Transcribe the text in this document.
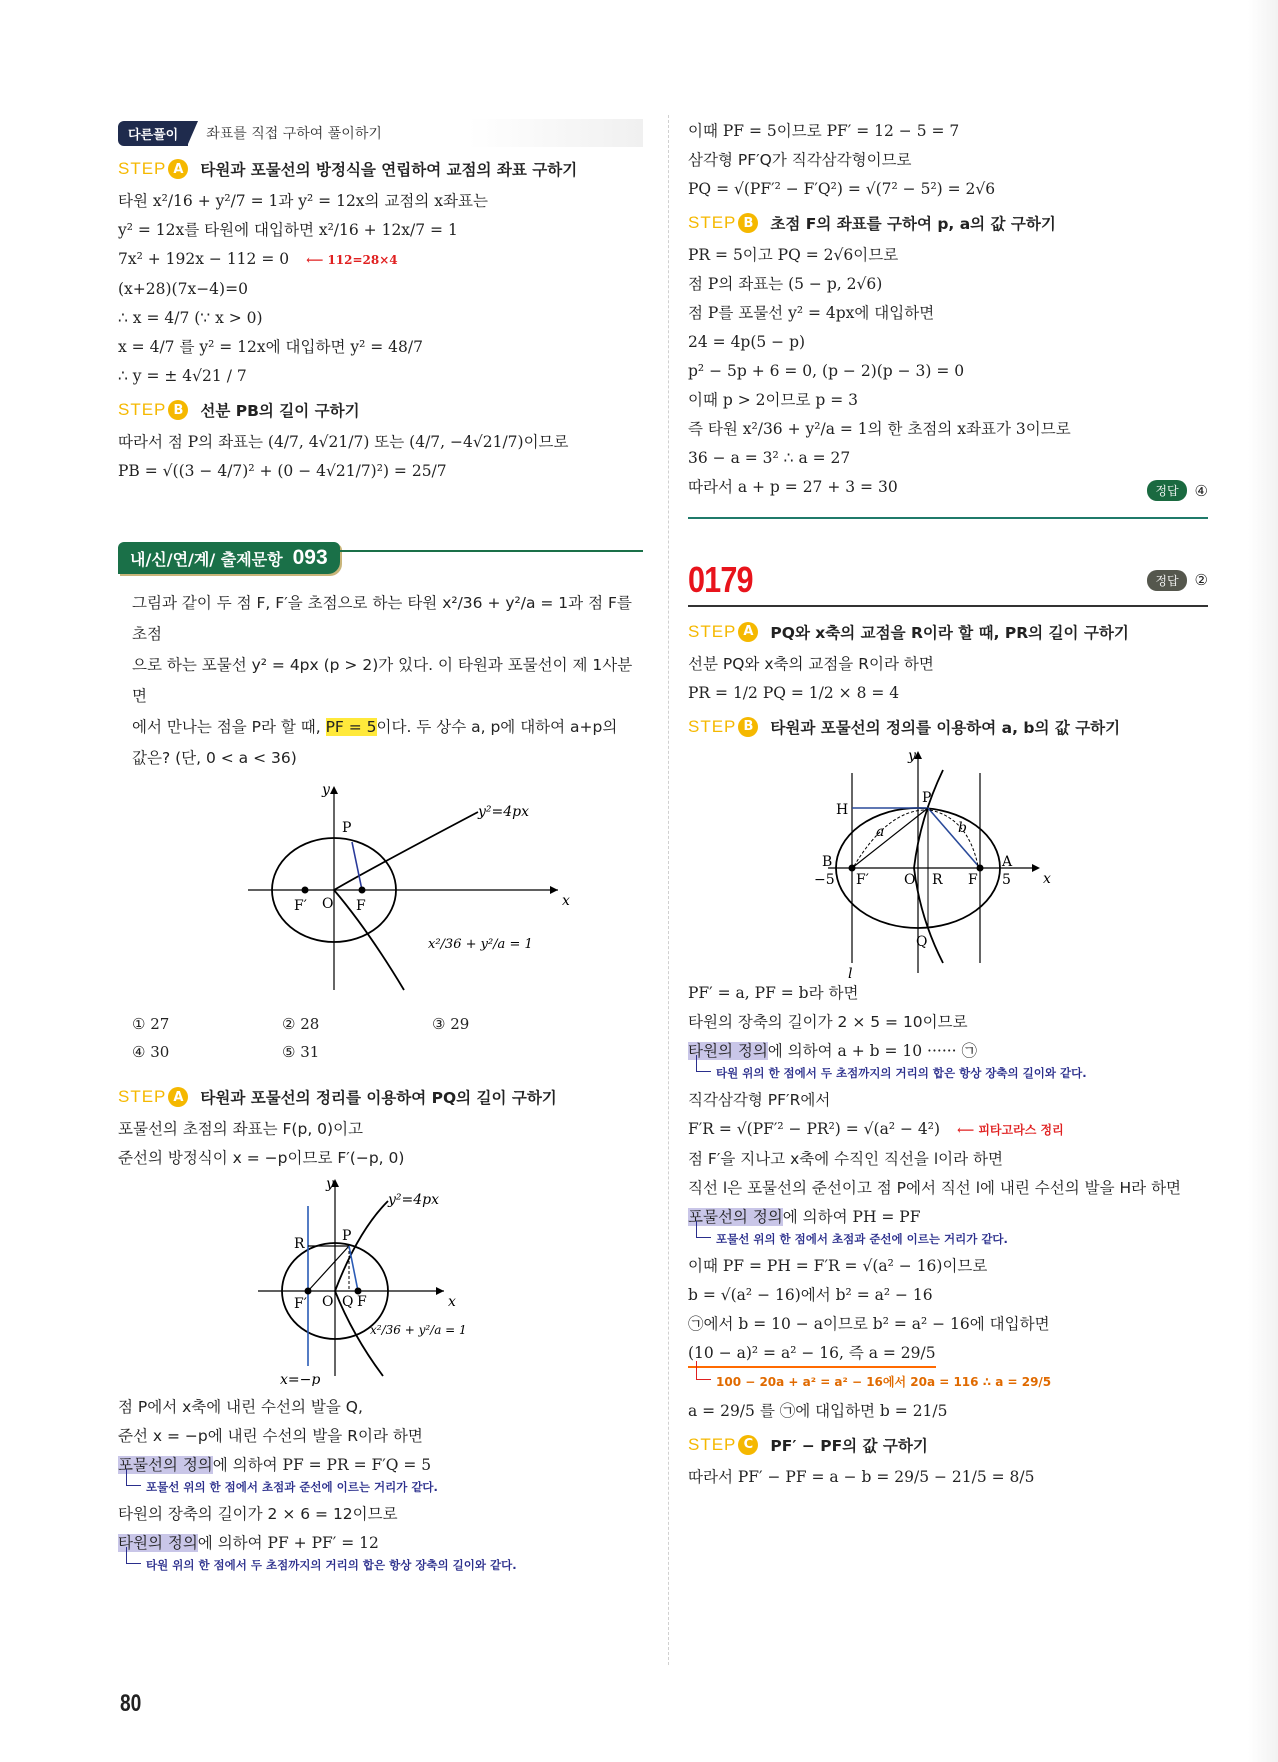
다른풀이	좌표를 직접 구하여 풀이하기
STEP A	타원과 포물선의 방정식을 연립하여 교점의 좌표 구하기
타원 x²/16 + y²/7 = 1과 y² = 12x의 교점의 x좌표는
y² = 12x를 타원에 대입하면 x²/16 + 12x/7 = 1
7x² + 192x − 112 = 0 ⟵ 112=28×4
(x+28)(7x−4)=0
∴ x = 4/7 (∵ x > 0)
x = 4/7 를 y² = 12x에 대입하면 y² = 48/7
∴ y = ± 4√21 / 7
STEP B	선분 PB의 길이 구하기
따라서 점 P의 좌표는 (4/7, 4√21/7) 또는 (4/7, −4√21/7)이므로
PB = √((3 − 4/7)² + (0 − 4√21/7)²) = 25/7
내/신/연/계/ 출제문항 093
그림과 같이 두 점 F, F′을 초점으로 하는 타원 x²/36 + y²/a = 1과 점 F를 초점
으로 하는 포물선 y² = 4px (p > 2)가 있다. 이 타원과 포물선이 제 1사분면
에서 만나는 점을 P라 할 때, PF = 5이다. 두 상수 a, p에 대하여 a+p의
값은? (단, 0 < a < 36)
y
x
P
F′ O F
y²=4px
x²/36 + y²/a = 1
① 27	② 28	③ 29
④ 30	⑤ 31
STEP A	타원과 포물선의 정리를 이용하여 PQ의 길이 구하기
포물선의 초점의 좌표는 F(p, 0)이고
준선의 방정식이 x = −p이므로 F′(−p, 0)
y
x
P
R
F′ O Q F
y²=4px
x²/36 + y²/a = 1
x=−p
점 P에서 x축에 내린 수선의 발을 Q,
준선 x = −p에 내린 수선의 발을 R이라 하면
포물선의 정의에 의하여 PF = PR = F′Q = 5
포물선 위의 한 점에서 초점과 준선에 이르는 거리가 같다.
타원의 장축의 길이가 2 × 6 = 12이므로
타원의 정의에 의하여 PF + PF′ = 12
타원 위의 한 점에서 두 초점까지의 거리의 합은 항상 장축의 길이와 같다.
이때 PF = 5이므로 PF′ = 12 − 5 = 7
삼각형 PF′Q가 직각삼각형이므로
PQ = √(PF′² − F′Q²) = √(7² − 5²) = 2√6
STEP B	초점 F의 좌표를 구하여 p, a의 값 구하기
PR = 5이고 PQ = 2√6이므로
점 P의 좌표는 (5 − p, 2√6)
점 P를 포물선 y² = 4px에 대입하면
24 = 4p(5 − p)
p² − 5p + 6 = 0, (p − 2)(p − 3) = 0
이때 p > 2이므로 p = 3
즉 타원 x²/36 + y²/a = 1의 한 초점의 x좌표가 3이므로
36 − a = 3² ∴ a = 27
따라서 a + p = 27 + 3 = 30	정답	④
0179	정답	②
STEP A	PQ와 x축의 교점을 R이라 할 때, PR의 길이 구하기
선분 PQ와 x축의 교점을 R이라 하면
PR = 1/2 PQ = 1/2 × 8 = 4
STEP B	타원과 포물선의 정의를 이용하여 a, b의 값 구하기
y
x
H
P
a	b
B	A
−5	5
F′	O R F
Q
l
PF′ = a, PF = b라 하면
타원의 장축의 길이가 2 × 5 = 10이므로
타원의 정의에 의하여 a + b = 10 ······ ㉠
타원 위의 한 점에서 두 초점까지의 거리의 합은 항상 장축의 길이와 같다.
직각삼각형 PF′R에서
F′R = √(PF′² − PR²) = √(a² − 4²) ⟵ 피타고라스 정리
점 F′을 지나고 x축에 수직인 직선을 l이라 하면
직선 l은 포물선의 준선이고 점 P에서 직선 l에 내린 수선의 발을 H라 하면
포물선의 정의에 의하여 PH = PF
포물선 위의 한 점에서 초점과 준선에 이르는 거리가 같다.
이때 PF = PH = F′R = √(a² − 16)이므로
b = √(a² − 16)에서 b² = a² − 16
㉠에서 b = 10 − a이므로 b² = a² − 16에 대입하면
(10 − a)² = a² − 16, 즉 a = 29/5
100 − 20a + a² = a² − 16에서 20a = 116 ∴ a = 29/5
a = 29/5 를 ㉠에 대입하면 b = 21/5
STEP C	PF′ − PF의 값 구하기
따라서 PF′ − PF = a − b = 29/5 − 21/5 = 8/5
80
